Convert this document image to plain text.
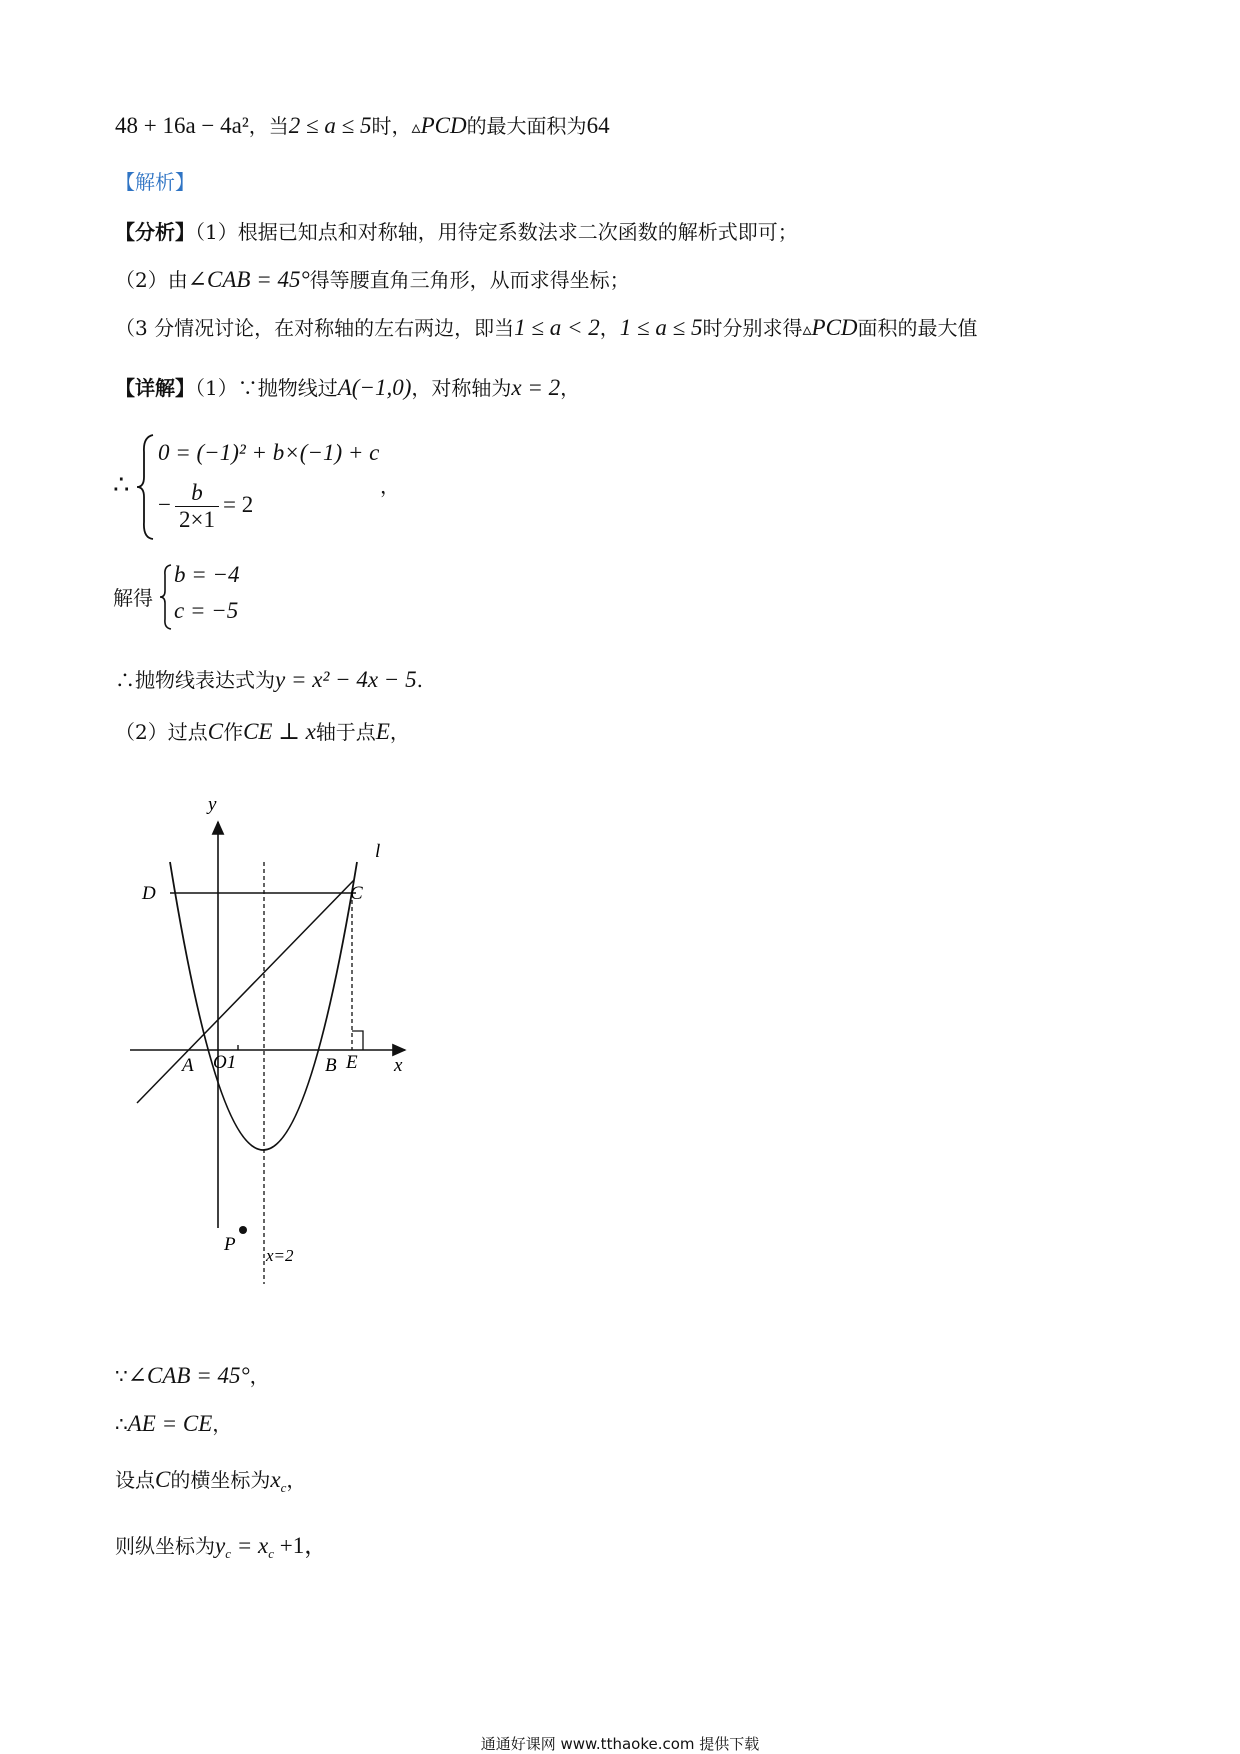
48 + 16a − 4a²，当2 ≤ a ≤ 5时，▵PCD的最大面积为64
【解析】
【分析】（1）根据已知点和对称轴，用待定系数法求二次函数的解析式即可；
（2）由∠CAB = 45°得等腰直角三角形，从而求得坐标；
（3 分情况讨论，在对称轴的左右两边，即当1 ≤ a < 2，1 ≤ a ≤ 5时分别求得▵PCD面积的最大值
【详解】（1）∵抛物线过A(−1,0)，对称轴为x = 2，
∴
0 = (−1)² + b×(−1) + c
− $\frac{b}{2\times 1} = 2$
，
解得
b = −4
c = −5
∴抛物线表达式为y = x² − 4x − 5.
（2）过点C作CE ⊥ x轴于点E，
y
x
l
D	C
A O1	B E
P
x=2
∵∠CAB = 45°，
∴AE = CE，
设点C的横坐标为$x_c$，
则纵坐标为$y_c = x_c +1$，
通通好课网 www.tthaoke.com 提供下载
